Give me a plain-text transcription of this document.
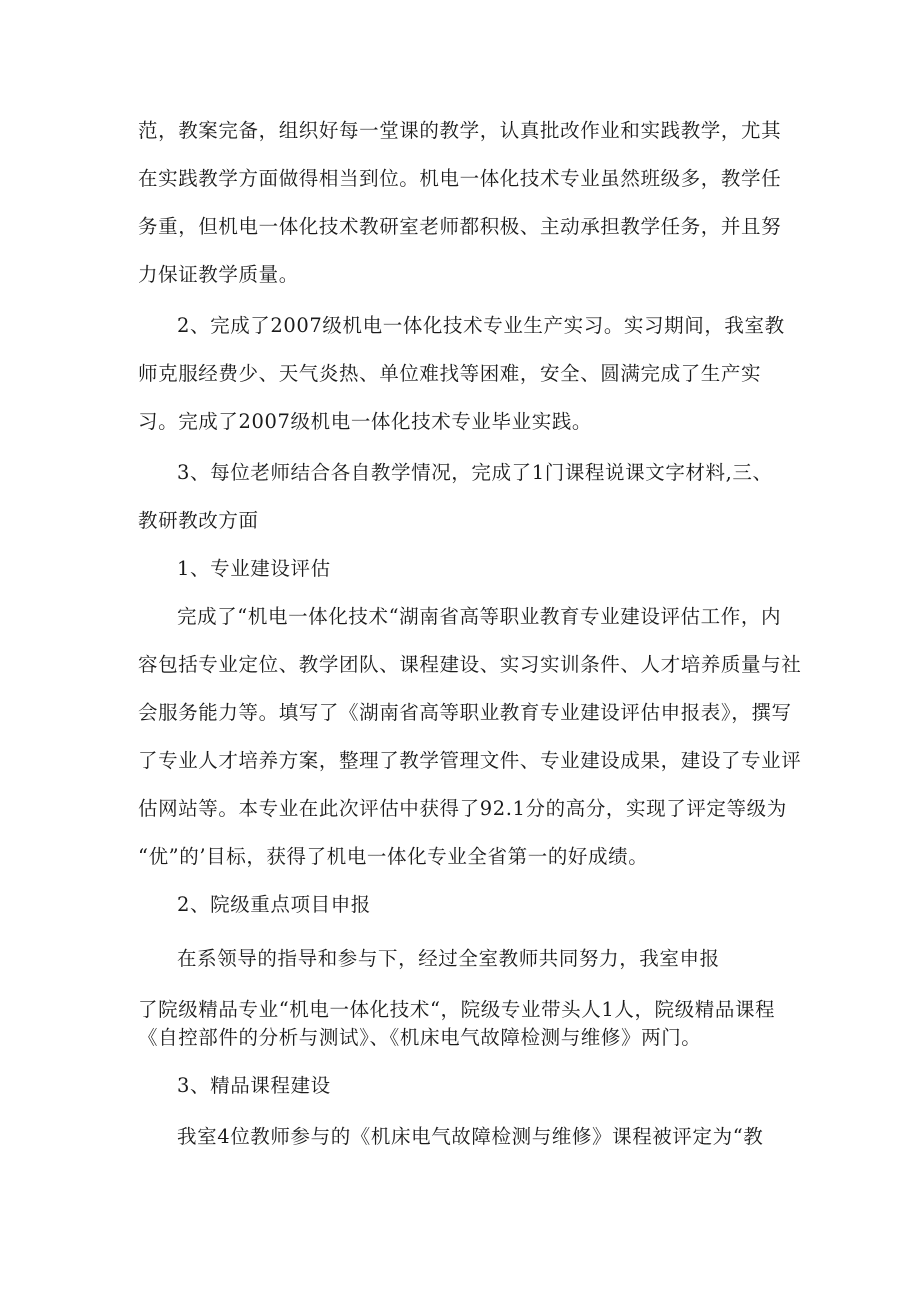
范，教案完备，组织好每一堂课的教学，认真批改作业和实践教学，尤其
在实践教学方面做得相当到位。机电一体化技术专业虽然班级多，教学任
务重，但机电一体化技术教研室老师都积极、主动承担教学任务，并且努
力保证教学质量。
2、完成了2007级机电一体化技术专业生产实习。实习期间，我室教
师克服经费少、天气炎热、单位难找等困难，安全、圆满完成了生产实
习。完成了2007级机电一体化技术专业毕业实践。
3、每位老师结合各自教学情况，完成了1门课程说课文字材料,三、
教研教改方面
1、专业建设评估
完成了“机电一体化技术“湖南省高等职业教育专业建设评估工作，内
容包括专业定位、教学团队、课程建设、实习实训条件、人才培养质量与社
会服务能力等。填写了《湖南省高等职业教育专业建设评估申报表》，撰写
了专业人才培养方案，整理了教学管理文件、专业建设成果，建设了专业评
估网站等。本专业在此次评估中获得了92.1分的高分，实现了评定等级为
“优”的’目标，获得了机电一体化专业全省第一的好成绩。
2、院级重点项目申报
在系领导的指导和参与下，经过全室教师共同努力，我室申报
了院级精品专业“机电一体化技术“，院级专业带头人1人，院级精品课程
《自控部件的分析与测试》、《机床电气故障检测与维修》两门。
3、精品课程建设
我室4位教师参与的《机床电气故障检测与维修》课程被评定为“教
